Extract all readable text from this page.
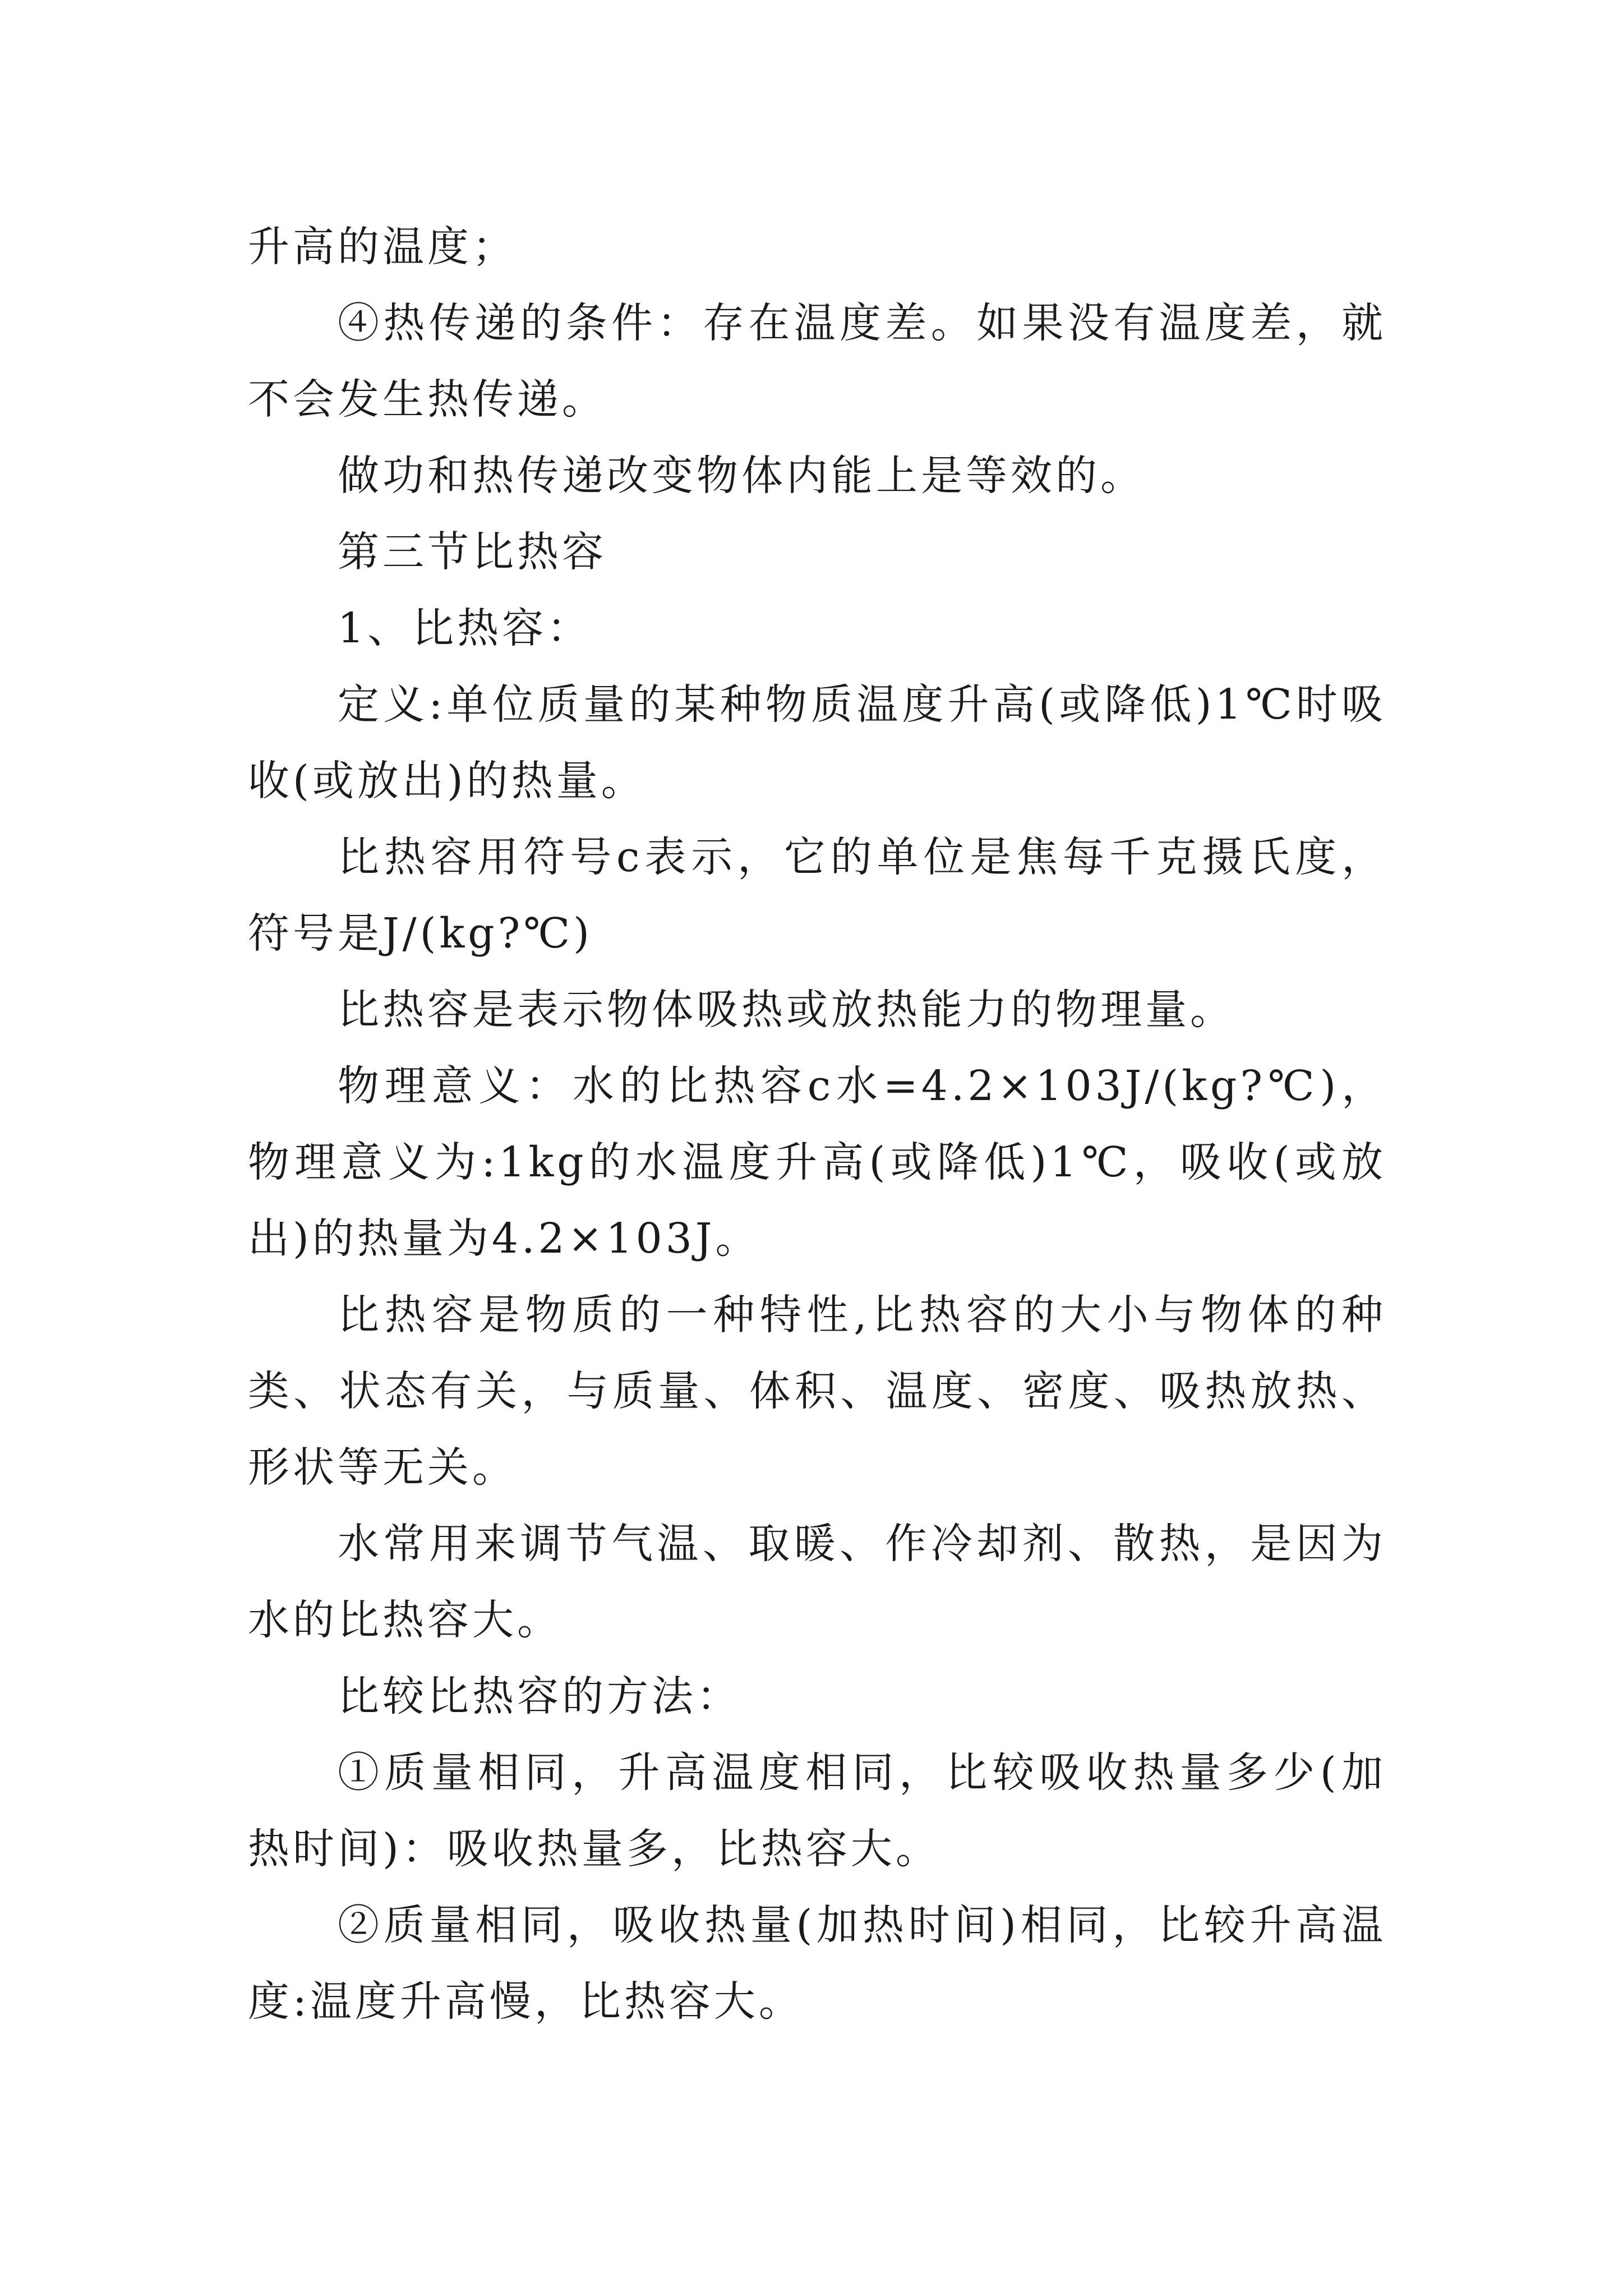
升高的温度；

④热传递的条件：存在温度差。如果没有温度差，就不会发生热传递。

做功和热传递改变物体内能上是等效的。

第三节比热容

1、比热容：

定义:单位质量的某种物质温度升高(或降低)1℃时吸收(或放出)的热量。

比热容用符号c表示，它的单位是焦每千克摄氏度，符号是J/(kg?℃)

比热容是表示物体吸热或放热能力的物理量。

物理意义：水的比热容c水=4.2×103J/(kg?℃)，物理意义为:1kg的水温度升高(或降低)1℃，吸收(或放出)的热量为4.2×103J。

比热容是物质的一种特性,比热容的大小与物体的种类、状态有关，与质量、体积、温度、密度、吸热放热、形状等无关。

水常用来调节气温、取暖、作冷却剂、散热，是因为水的比热容大。

比较比热容的方法：

①质量相同，升高温度相同，比较吸收热量多少(加热时间)：吸收热量多，比热容大。

②质量相同，吸收热量(加热时间)相同，比较升高温度:温度升高慢，比热容大。
